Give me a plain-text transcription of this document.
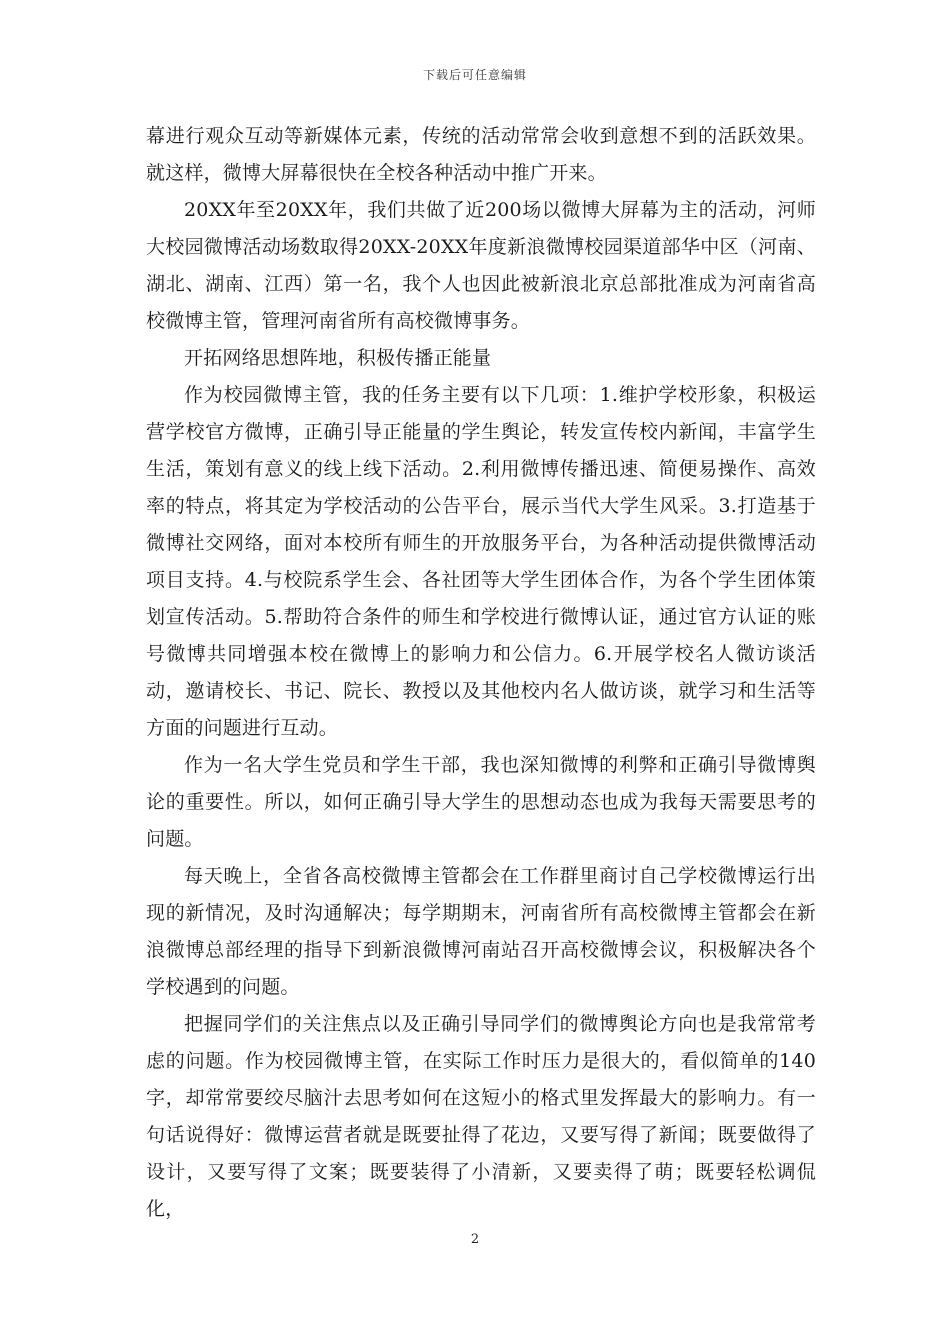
下载后可任意编辑

幕进行观众互动等新媒体元素，传统的活动常常会收到意想不到的活跃效果。就这样，微博大屏幕很快在全校各种活动中推广开来。

20XX年至20XX年，我们共做了近200场以微博大屏幕为主的活动，河师大校园微博活动场数取得20XX-20XX年度新浪微博校园渠道部华中区（河南、湖北、湖南、江西）第一名，我个人也因此被新浪北京总部批准成为河南省高校微博主管，管理河南省所有高校微博事务。

开拓网络思想阵地，积极传播正能量

作为校园微博主管，我的任务主要有以下几项：1.维护学校形象，积极运营学校官方微博，正确引导正能量的学生舆论，转发宣传校内新闻，丰富学生生活，策划有意义的线上线下活动。2.利用微博传播迅速、简便易操作、高效率的特点，将其定为学校活动的公告平台，展示当代大学生风采。3.打造基于微博社交网络，面对本校所有师生的开放服务平台，为各种活动提供微博活动项目支持。4.与校院系学生会、各社团等大学生团体合作，为各个学生团体策划宣传活动。5.帮助符合条件的师生和学校进行微博认证，通过官方认证的账号微博共同增强本校在微博上的影响力和公信力。6.开展学校名人微访谈活动，邀请校长、书记、院长、教授以及其他校内名人做访谈，就学习和生活等方面的问题进行互动。

作为一名大学生党员和学生干部，我也深知微博的利弊和正确引导微博舆论的重要性。所以，如何正确引导大学生的思想动态也成为我每天需要思考的问题。

每天晚上，全省各高校微博主管都会在工作群里商讨自己学校微博运行出现的新情况，及时沟通解决；每学期期末，河南省所有高校微博主管都会在新浪微博总部经理的指导下到新浪微博河南站召开高校微博会议，积极解决各个学校遇到的问题。

把握同学们的关注焦点以及正确引导同学们的微博舆论方向也是我常常考虑的问题。作为校园微博主管，在实际工作时压力是很大的，看似简单的140字，却常常要绞尽脑汁去思考如何在这短小的格式里发挥最大的影响力。有一句话说得好：微博运营者就是既要扯得了花边，又要写得了新闻；既要做得了设计，又要写得了文案；既要装得了小清新，又要卖得了萌；既要轻松调侃化，

2
